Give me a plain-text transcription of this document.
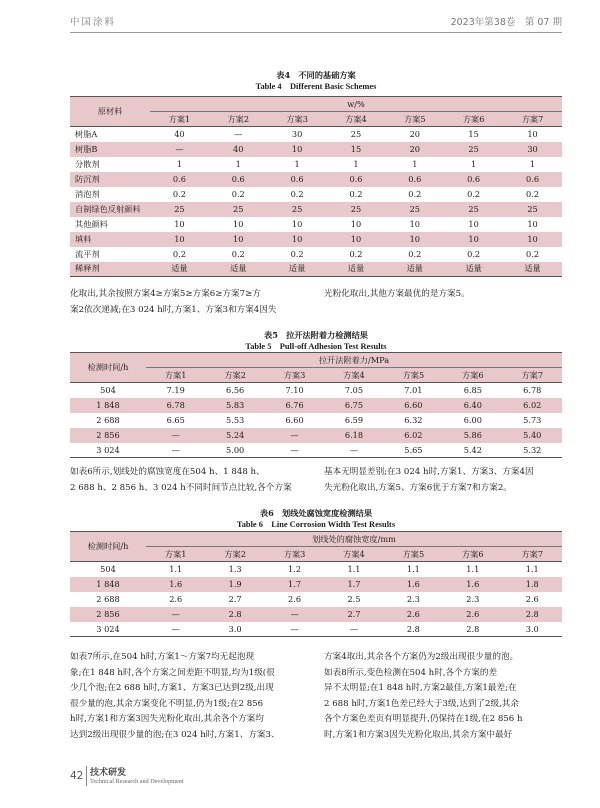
中国涂料	2023年第38卷　第 07 期
表4　不同的基础方案
Table 4　Different Basic Schemes
原材料	w/%						
	方案1	方案2	方案3	方案4	方案5	方案6	方案7
树脂A	40	—	30	25	20	15	10
树脂B	—	40	10	15	20	25	30
分散剂	1	1	1	1	1	1	1
防沉剂	0.6	0.6	0.6	0.6	0.6	0.6	0.6
消泡剂	0.2	0.2	0.2	0.2	0.2	0.2	0.2
自制绿色反射颜料	25	25	25	25	25	25	25
其他颜料	10	10	10	10	10	10	10
填料	10	10	10	10	10	10	10
流平剂	0.2	0.2	0.2	0.2	0.2	0.2	0.2
稀释剂	适量	适量	适量	适量	适量	适量	适量
化取出,其余按照方案4≥方案5≥方案6≥方案7≥方
案2依次递减;在3 024 h时,方案1、方案3和方案4因失
光粉化取出,其他方案最优的是方案5。
表5　拉开法附着力检测结果
Table 5　Pull-off Adhesion Test Results
检测时间/h	拉开法附着力/MPa						
	方案1	方案2	方案3	方案4	方案5	方案6	方案7
504	7.19	6.56	7.10	7.05	7.01	6.85	6.78
1 848	6.78	5.83	6.76	6.75	6.60	6.40	6.02
2 688	6.65	5.53	6.60	6.59	6.32	6.00	5.73
2 856	—	5.24	—	6.18	6.02	5.86	5.40
3 024	—	5.00	—	—	5.65	5.42	5.32
如表6所示,划线处的腐蚀宽度在504 h、1 848 h、
2 688 h、2 856 h、3 024 h不同时间节点比较,各个方案
基本无明显差别;在3 024 h时,方案1、方案3、方案4因
失光粉化取出,方案5、方案6优于方案7和方案2。
表6　划线处腐蚀宽度检测结果
Table 6　Line Corrosion Width Test Results
检测时间/h	划线处的腐蚀宽度/mm						
	方案1	方案2	方案3	方案4	方案5	方案6	方案7
504	1.1	1.3	1.2	1.1	1.1	1.1	1.1
1 848	1.6	1.9	1.7	1.7	1.6	1.6	1.8
2 688	2.6	2.7	2.6	2.5	2.3	2.3	2.6
2 856	—	2.8	—	2.7	2.6	2.6	2.8
3 024	—	3.0	—	—	2.8	2.8	3.0
如表7所示,在504 h时,方案1～方案7均无起泡现
象;在1 848 h时,各个方案之间差距不明显,均为1级(很
少几个泡;在2 688 h时,方案1、方案3已达到2级,出现
很少量的泡,其余方案变化不明显,仍为1级;在2 856
h时,方案1和方案3因失光粉化取出,其余各个方案均
达到2级出现很少量的泡;在3 024 h时,方案1、方案3、
方案4取出,其余各个方案仍为2级出现很少量的泡。
如表8所示,变色检测在504 h时,各个方案的差
异不太明显;在1 848 h时,方案2最佳,方案1最差;在
2 688 h时,方案1色差已经大于3级,达到了2级,其余
各个方案色差页有明显提升,仍保持在1级,在2 856 h
时,方案1和方案3因失光粉化取出,其余方案中最好
42 技术研发
Technical Research and Development
